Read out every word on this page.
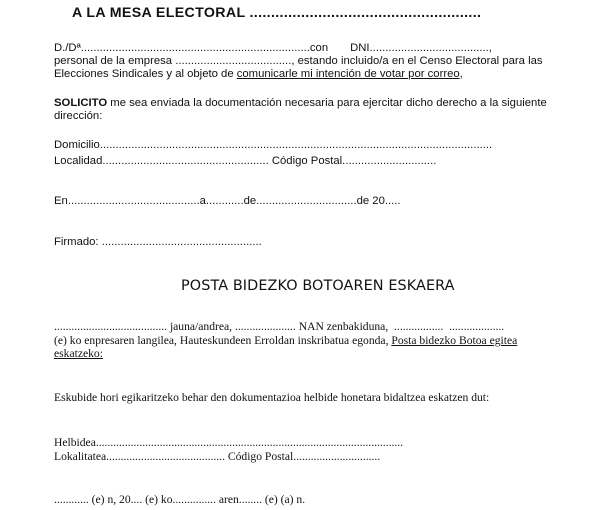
A LA MESA ELECTORAL ......................................................
D./Dª.........................................................................con       DNI......................................,
personal de la empresa ....................................., estando incluido/a en el Censo Electoral para las
Elecciones Sindicales y al objeto de comunicarle mi intención de votar por correo,
SOLICITO me sea enviada la documentación necesaria para ejercitar dicho derecho a la siguiente
dirección:
Domicilio.............................................................................................................................
Localidad..................................................... Código Postal..............................
En..........................................a............de................................de 20.....
Firmado: ...................................................
POSTA BIDEZKO BOTOAREN ESKAERA
....................................... jauna/andrea, ..................... NAN zenbakiduna,  .................  ...................
(e) ko enpresaren langilea, Hauteskundeen Erroldan inskribatua egonda, Posta bidezko Botoa egitea
eskatzeko:
Eskubide hori egikaritzeko behar den dokumentazioa helbide honetara bidaltzea eskatzen dut:
Helbidea..........................................................................................................
Lokalitatea......................................... Código Postal..............................
............ (e) n, 20.... (e) ko............... aren........ (e) (a) n.
